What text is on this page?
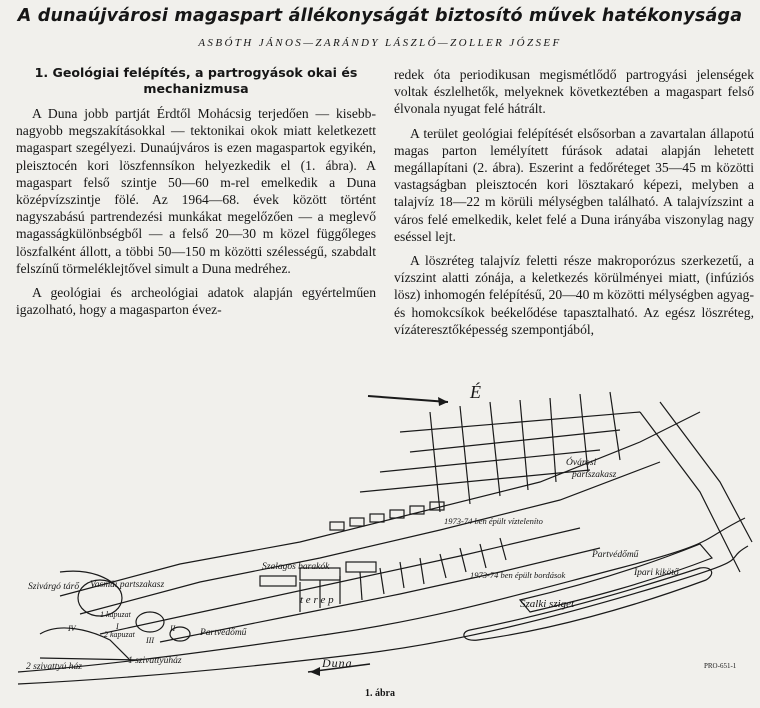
A dunaújvárosi magaspart állékonyságát biztosító művek hatékonysága
ASBÓTH JÁNOS—ZARÁNDY LÁSZLÓ—ZOLLER JÓZSEF
1. Geológiai felépítés, a partrogyások okai és mechanizmusa

A Duna jobb partját Érdtől Mohácsig terjedően — kisebb-nagyobb megszakításokkal — tektonikai okok miatt keletkezett magaspart szegélyezi. Dunaújváros is ezen magaspartok egyikén, pleisztocén kori löszfennsíkon helyezkedik el (1. ábra). A magaspart felső szintje 50—60 m-rel emelkedik a Duna középvízszintje fölé. Az 1964—68. évek között történt nagyszabású partrendezési munkákat megelőzően — a meglevő magasságkülönbségből — a felső 20—30 m közel függőleges löszfalként állott, a többi 50—150 m közötti szélességű, szabdalt felszínű törmeléklejtővel simult a Duna medréhez.

A geológiai és archeológiai adatok alapján egyértelműen igazolható, hogy a magasparton évez-

redek óta periodikusan megismétlődő partrogyási jelenségek voltak észlelhetők, melyeknek következtében a magaspart felső élvonala nyugat felé hátrált.

A terület geológiai felépítését elsősorban a zavartalan állapotú magas parton lemélyített fúrások adatai alapján lehetett megállapítani (2. ábra). Eszerint a fedőréteget 35—45 m közötti vastagságban pleisztocén kori lösztakaró képezi, melyben a talajvíz 18—22 m körüli mélységben található. A talajvízszint a város felé emelkedik, kelet felé a Duna irányába viszonylag nagy eséssel lejt.

A löszréteg talajvíz feletti része makroporózus szerkezetű, a vízszint alatti zónája, a keletkezés körülményei miatt, (infúziós lösz) inhomogén felépítésű, 20—40 m közötti mélységben agyag- és homokcsíkok beékelődése tapasztalható. Az egész löszréteg, vízáteresztőképesség szempontjából,

É
Óvárosi
partszakasz
Partvédőmű
Ipari kikötő
Szalki sziget
Duna
Partvédőmű
Szivárgó tárő Vasmüi partszakasz
Szalagos barakók
t e r e p
1973-74 ben épült vízteleníto
1973-74 ben épült bordások
1 szivattyúház
2 szivattyú ház
1 kapuzat
2 kapuzat
I	II
III
IV
PRO-651-1
1. ábra
